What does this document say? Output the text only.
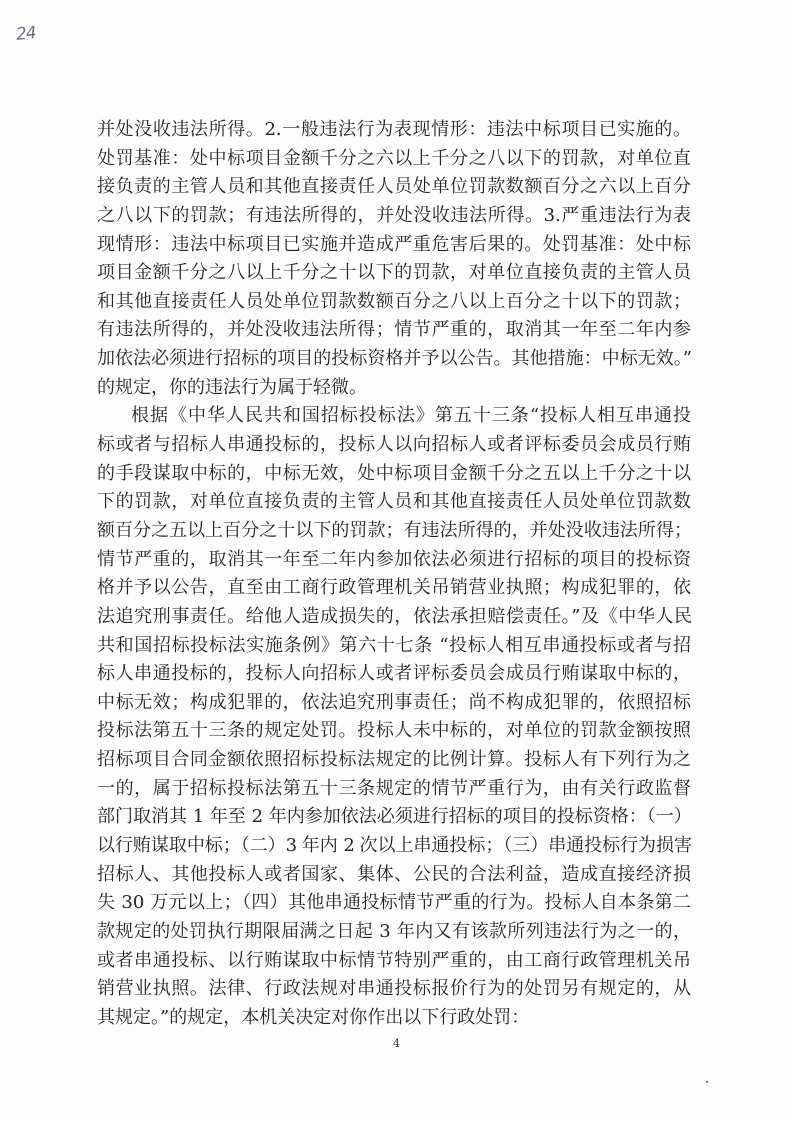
24
并处没收违法所得。2.一般违法行为表现情形：违法中标项目已实施的。
处罚基准：处中标项目金额千分之六以上千分之八以下的罚款，对单位直
接负责的主管人员和其他直接责任人员处单位罚款数额百分之六以上百分
之八以下的罚款；有违法所得的，并处没收违法所得。3.严重违法行为表
现情形：违法中标项目已实施并造成严重危害后果的。处罚基准：处中标
项目金额千分之八以上千分之十以下的罚款，对单位直接负责的主管人员
和其他直接责任人员处单位罚款数额百分之八以上百分之十以下的罚款；
有违法所得的，并处没收违法所得；情节严重的，取消其一年至二年内参
加依法必须进行招标的项目的投标资格并予以公告。其他措施：中标无效。”
的规定，你的违法行为属于轻微。
根据《中华人民共和国招标投标法》第五十三条“投标人相互串通投
标或者与招标人串通投标的，投标人以向招标人或者评标委员会成员行贿
的手段谋取中标的，中标无效，处中标项目金额千分之五以上千分之十以
下的罚款，对单位直接负责的主管人员和其他直接责任人员处单位罚款数
额百分之五以上百分之十以下的罚款；有违法所得的，并处没收违法所得；
情节严重的，取消其一年至二年内参加依法必须进行招标的项目的投标资
格并予以公告，直至由工商行政管理机关吊销营业执照；构成犯罪的，依
法追究刑事责任。给他人造成损失的，依法承担赔偿责任。”及《中华人民
共和国招标投标法实施条例》第六十七条 “投标人相互串通投标或者与招
标人串通投标的，投标人向招标人或者评标委员会成员行贿谋取中标的，
中标无效；构成犯罪的，依法追究刑事责任；尚不构成犯罪的，依照招标
投标法第五十三条的规定处罚。投标人未中标的，对单位的罚款金额按照
招标项目合同金额依照招标投标法规定的比例计算。投标人有下列行为之
一的，属于招标投标法第五十三条规定的情节严重行为，由有关行政监督
部门取消其 1 年至 2 年内参加依法必须进行招标的项目的投标资格：（一）
以行贿谋取中标；（二）3 年内 2 次以上串通投标；（三）串通投标行为损害
招标人、其他投标人或者国家、集体、公民的合法利益，造成直接经济损
失 30 万元以上；（四）其他串通投标情节严重的行为。投标人自本条第二
款规定的处罚执行期限届满之日起 3 年内又有该款所列违法行为之一的，
或者串通投标、以行贿谋取中标情节特别严重的，由工商行政管理机关吊
销营业执照。法律、行政法规对串通投标报价行为的处罚另有规定的，从
其规定。”的规定，本机关决定对你作出以下行政处罚：
4
